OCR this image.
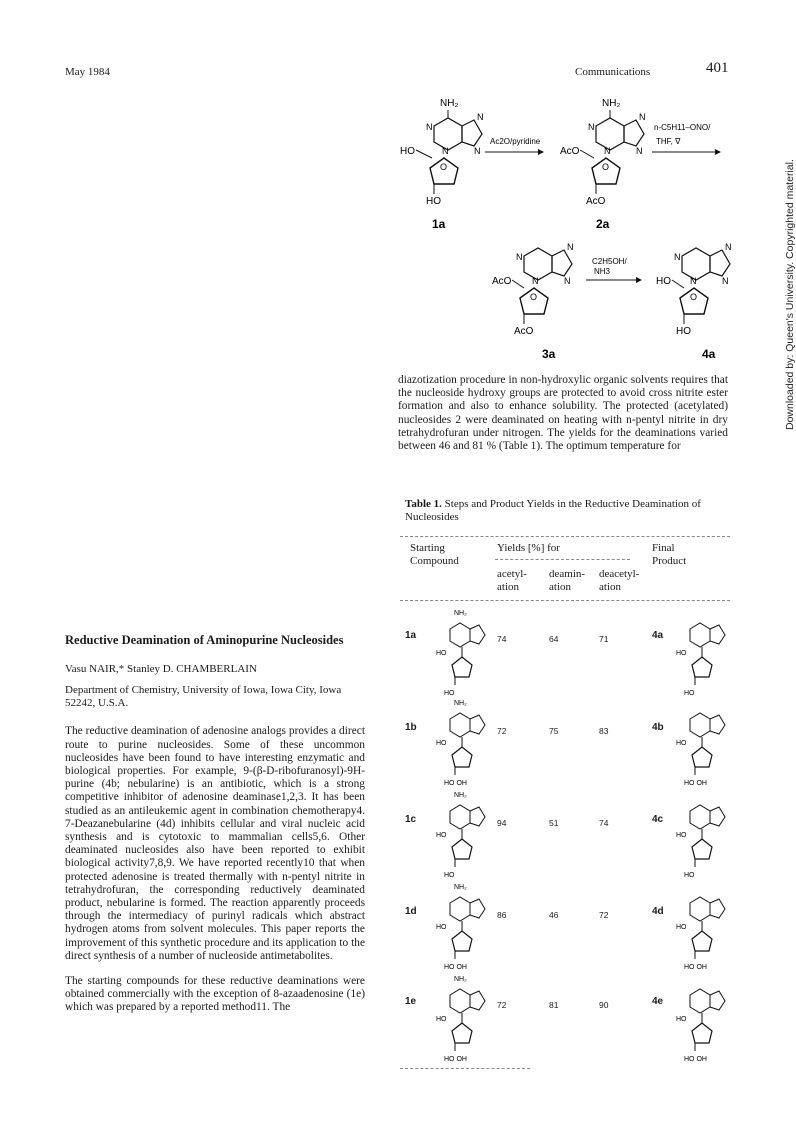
May 1984	Communications	401
Downloaded by: Queen's University. Copyrighted material.
N
N
N
N
O
NH₂
HO
HO
1a
Ac2O/pyridine
NH₂
AcO
AcO
2a
n-C5H11–ONO/
THF, ∇
AcO
AcO
3a
C2H5OH/
NH3
HO
HO
4a

diazotization procedure in non-hydroxylic organic solvents requires that the nucleoside hydroxy groups are protected to avoid cross nitrite ester formation and also to enhance solubility. The protected (acetylated) nucleosides 2 were deaminated on heating with n-pentyl nitrite in dry tetrahydrofuran under nitrogen. The yields for the deaminations varied between 46 and 81 % (Table 1). The optimum temperature for

Table 1. Steps and Product Yields in the Reductive Deamination of Nucleosides
Starting
Compound
Yields [%] for	Final
Product
acetyl-
ation
deamin-
ation
deacetyl-
ation
HO
NH₂
HO	HO
NH₂
HO OH	HO OH
NH₂
HO	HO
NH₂
HO OH	HO OH
NH₂
HO OH	HO OH
1a	74	64	71	4a
1b	72	75	83	4b
1c	94	51	74	4c
1d	86	46	72	4d
1e	72	81	90	4e
Reductive Deamination of Aminopurine Nucleosides
Vasu NAIR,* Stanley D. CHAMBERLAIN
Department of Chemistry, University of Iowa, Iowa City, Iowa 52242, U.S.A.

The reductive deamination of adenosine analogs provides a direct route to purine nucleosides. Some of these uncommon nucleosides have been found to have interesting enzymatic and biological properties. For example, 9-(β-D-ribofuranosyl)-9H-purine (4b; nebularine) is an antibiotic, which is a strong competitive inhibitor of adenosine deaminase1,2,3. It has been studied as an antileukemic agent in combination chemotherapy4. 7-Deazanebularine (4d) inhibits cellular and viral nucleic acid synthesis and is cytotoxic to mammalian cells5,6. Other deaminated nucleosides also have been reported to exhibit biological activity7,8,9. We have reported recently10 that when protected adenosine is treated thermally with n-pentyl nitrite in tetrahydrofuran, the corresponding reductively deaminated product, nebularine is formed. The reaction apparently proceeds through the intermediacy of purinyl radicals which abstract hydrogen atoms from solvent molecules. This paper reports the improvement of this synthetic procedure and its application to the direct synthesis of a number of nucleoside antimetabolites.

The starting compounds for these reductive deaminations were obtained commercially with the exception of 8-azaadenosine (1e) which was prepared by a reported method11. The
